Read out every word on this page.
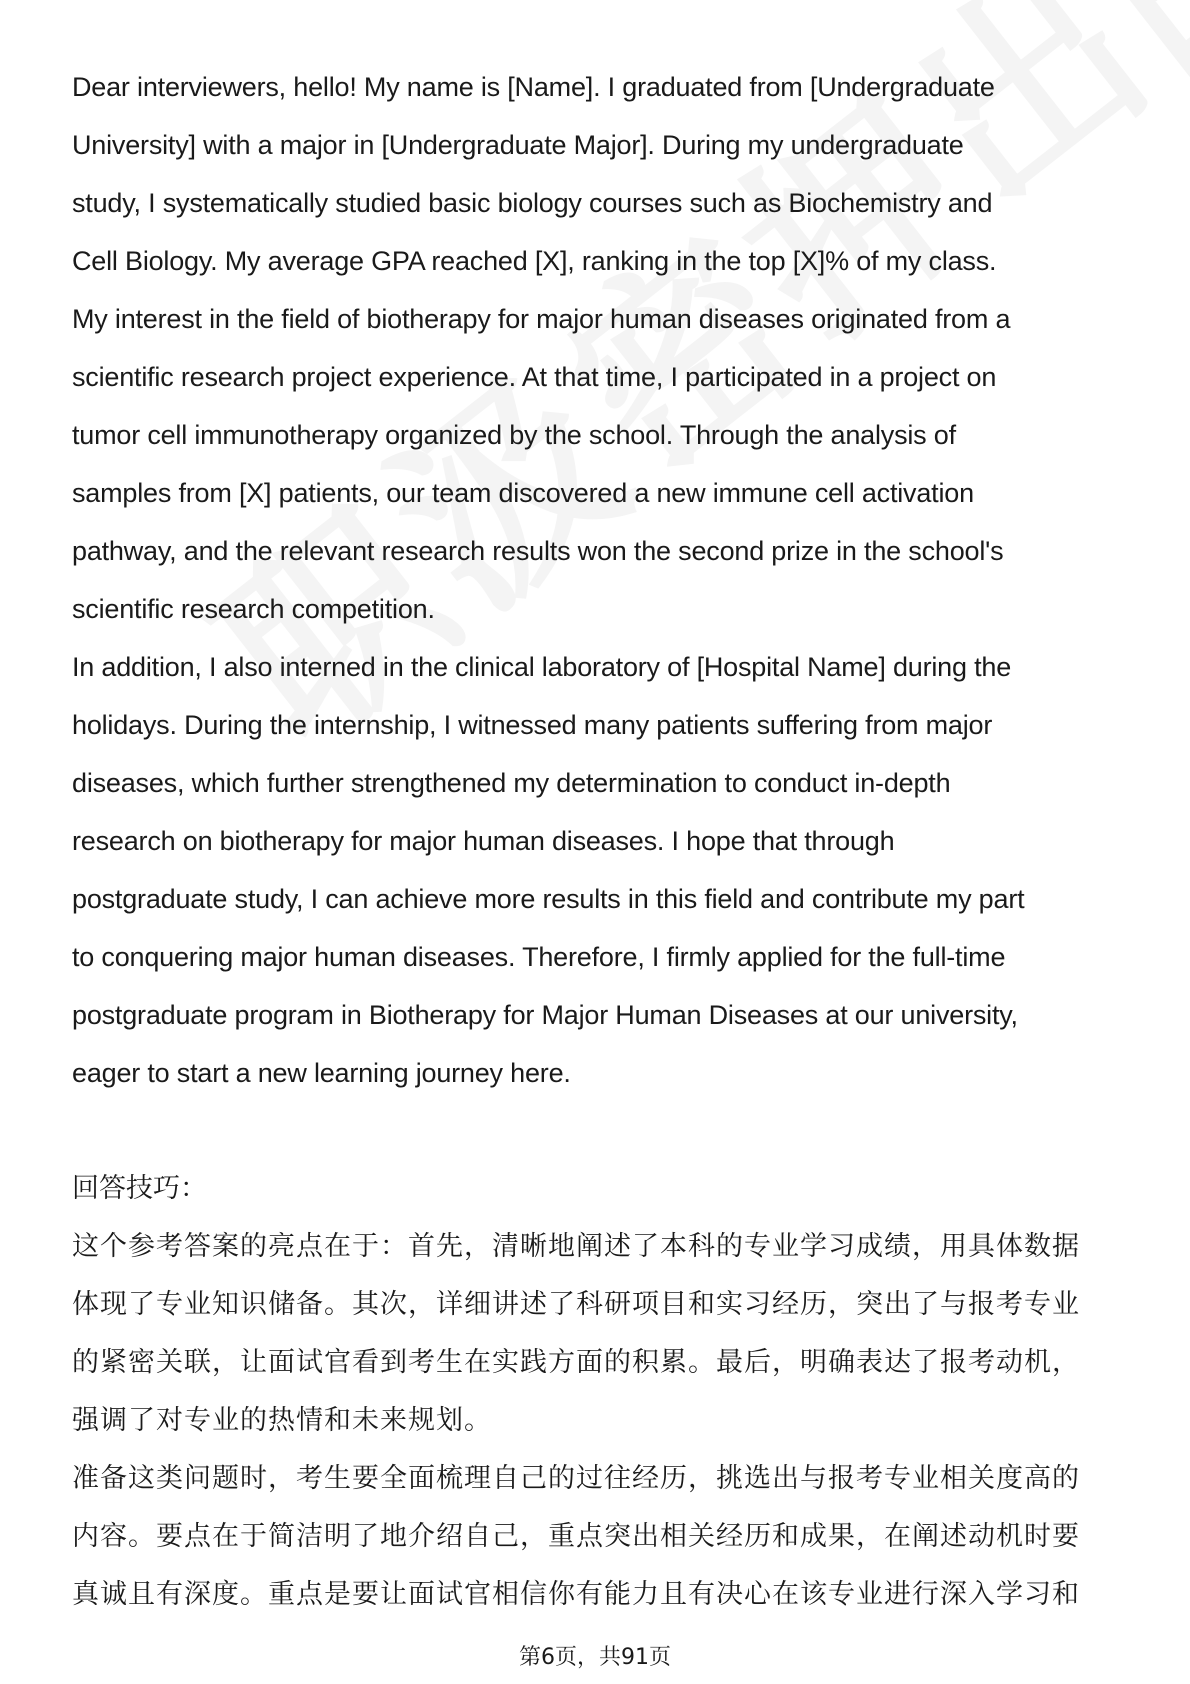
Dear interviewers, hello! My name is [Name]. I graduated from [Undergraduate
University] with a major in [Undergraduate Major]. During my undergraduate
study, I systematically studied basic biology courses such as Biochemistry and
Cell Biology. My average GPA reached [X], ranking in the top [X]% of my class.
My interest in the field of biotherapy for major human diseases originated from a
scientific research project experience. At that time, I participated in a project on
tumor cell immunotherapy organized by the school. Through the analysis of
samples from [X] patients, our team discovered a new immune cell activation
pathway, and the relevant research results won the second prize in the school's
scientific research competition.

In addition, I also interned in the clinical laboratory of [Hospital Name] during the
holidays. During the internship, I witnessed many patients suffering from major
diseases, which further strengthened my determination to conduct in-depth
research on biotherapy for major human diseases. I hope that through
postgraduate study, I can achieve more results in this field and contribute my part
to conquering major human diseases. Therefore, I firmly applied for the full-time
postgraduate program in Biotherapy for Major Human Diseases at our university,
eager to start a new learning journey here.

回答技巧：

这个参考答案的亮点在于：首先，清晰地阐述了本科的专业学习成绩，用具体数据
体现了专业知识储备。其次，详细讲述了科研项目和实习经历，突出了与报考专业
的紧密关联，让面试官看到考生在实践方面的积累。最后，明确表达了报考动机，
强调了对专业的热情和未来规划。

准备这类问题时，考生要全面梳理自己的过往经历，挑选出与报考专业相关度高的
内容。要点在于简洁明了地介绍自己，重点突出相关经历和成果，在阐述动机时要
真诚且有深度。重点是要让面试官相信你有能力且有决心在该专业进行深入学习和

第6页，共91页
